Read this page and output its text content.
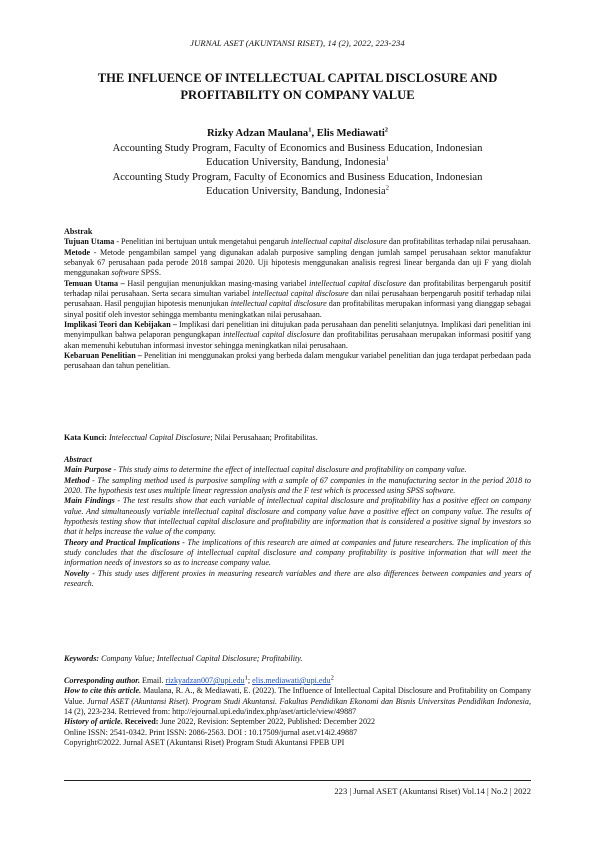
JURNAL ASET (AKUNTANSI RISET), 14 (2), 2022, 223-234
THE INFLUENCE OF INTELLECTUAL CAPITAL DISCLOSURE AND
PROFITABILITY ON COMPANY VALUE
Rizky Adzan Maulana$^1$, Elis Mediawati$^2$
Accounting Study Program, Faculty of Economics and Business Education, Indonesian
Education University, Bandung, Indonesia$^1$
Accounting Study Program, Faculty of Economics and Business Education, Indonesian
Education University, Bandung, Indonesia$^2$
Abstrak

Tujuan Utama - Penelitian ini bertujuan untuk mengetahui pengaruh intellectual capital disclosure dan profitabilitas terhadap nilai perusahaan.

Metode - Metode pengambilan sampel yang digunakan adalah purposive sampling dengan jumlah sampel perusahaan sektor manufaktur sebanyak 67 perusahaan pada perode 2018 sampai 2020. Uji hipotesis menggunakan analisis regresi linear berganda dan uji F yang diolah menggunakan software SPSS.

Temuan Utama – Hasil pengujian menunjukkan masing-masing variabel intellectual capital disclosure dan profitabilitas berpengaruh positif terhadap nilai perusahaan. Serta secara simultan variabel intellectual capital disclosure dan nilai perusahaan berpengaruh positif terhadap nilai perusahaan. Hasil pengujian hipotesis menunjukan intellectual capital disclosure dan profitabilitas merupakan informasi yang dianggap sebagai sinyal positif oleh investor sehingga membantu meningkatkan nilai perusahaan.

Implikasi Teori dan Kebijakan – Implikasi dari penelitian ini ditujukan pada perusahaan dan peneliti selanjutnya. Implikasi dari penelitian ini menyimpulkan bahwa pelaporan pengungkapan intellectual capital disclosure dan profitabilitas perusahaan merupakan informasi positif yang akan memenuhi kebutuhan informasi investor sehingga meningkatkan nilai perusahaan.

Kebaruan Penelitian – Penelitian ini menggunakan proksi yang berbeda dalam mengukur variabel penelitian dan juga terdapat perbedaan pada perusahaan dan tahun penelitian.

Kata Kunci: Intelecctual Capital Disclosure; Nilai Perusahaan; Profitabilitas.
Abstract

Main Purpose - This study aims to determine the effect of intellectual capital disclosure and profitability on company value.

Method - The sampling method used is purposive sampling with a sample of 67 companies in the manufacturing sector in the period 2018 to 2020. The hypothesis test uses multiple linear regression analysis and the F test which is processed using SPSS software.

Main Findings - The test results show that each variable of intellectual capital disclosure and profitability has a positive effect on company value. And simultaneously variable intellectual capital disclosure and company value have a positive effect on company value. The results of hypothesis testing show that intellectual capital disclosure and profitability are information that is considered a positive signal by investors so that it helps increase the value of the company.

Theory and Practical Implications - The implications of this research are aimed at companies and future researchers. The implication of this study concludes that the disclosure of intellectual capital disclosure and company profitability is positive information that will meet the information needs of investors so as to increase company value.

Novelty - This study uses different proxies in measuring research variables and there are also differences between companies and years of research.

Keywords: Company Value; Intellectual Capital Disclosure; Profitability.

Corresponding author. Email. rizkyadzan007@upi.edu$^1$; elis.mediawati@upi.edu$^2$

How to cite this article. Maulana, R. A., & Mediawati, E. (2022). The Influence of Intellectual Capital Disclosure and Profitability on Company Value. Jurnal ASET (Akuntansi Riset). Program Studi Akuntansi. Fakultas Pendidikan Ekonomi dan Bisnis Universitas Pendidikan Indonesia, 14 (2), 223-234. Retrieved from: http://ejournal.upi.edu/index.php/aset/article/view/49887

History of article. Received: June 2022, Revision: September 2022, Published: December 2022

Online ISSN: 2541-0342. Print ISSN: 2086-2563. DOI : 10.17509/jurnal aset.v14i2.49887

Copyright©2022. Jurnal ASET (Akuntansi Riset) Program Studi Akuntansi FPEB UPI

223 | Jurnal ASET (Akuntansi Riset) Vol.14 | No.2 | 2022
